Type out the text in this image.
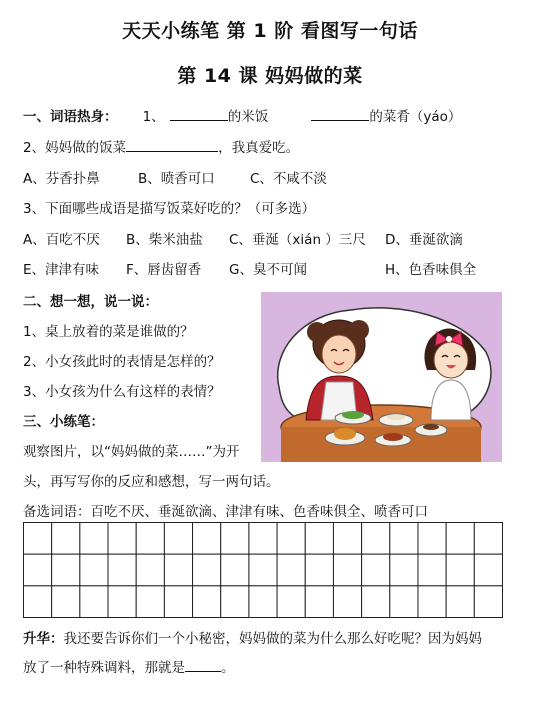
天天小练笔 第 1 阶 看图写一句话
第 14 课 妈妈做的菜
一、词语热身： 1、	的米饭	的菜肴（yáo）
2、妈妈做的饭菜	，我真爱吃。
A、芬香扑鼻	B、喷香可口	C、不咸不淡
3、下面哪些成语是描写饭菜好吃的？（可多选）
A、百吃不厌 B、柴米油盐 C、垂涎（xián ）三尺 D、垂涎欲滴
E、津津有味 F、唇齿留香 G、臭不可闻	H、色香味俱全
二、想一想，说一说：
1、桌上放着的菜是谁做的？
2、小女孩此时的表情是怎样的？
3、小女孩为什么有这样的表情？
三、小练笔：
观察图片，以“妈妈做的菜……”为开
头，再写写你的反应和感想，写一两句话。
备选词语：百吃不厌、垂涎欲滴、津津有味、色香味俱全、喷香可口
升华：我还要告诉你们一个小秘密，妈妈做的菜为什么那么好吃呢？因为妈妈
放了一种特殊调料，那就是	。
